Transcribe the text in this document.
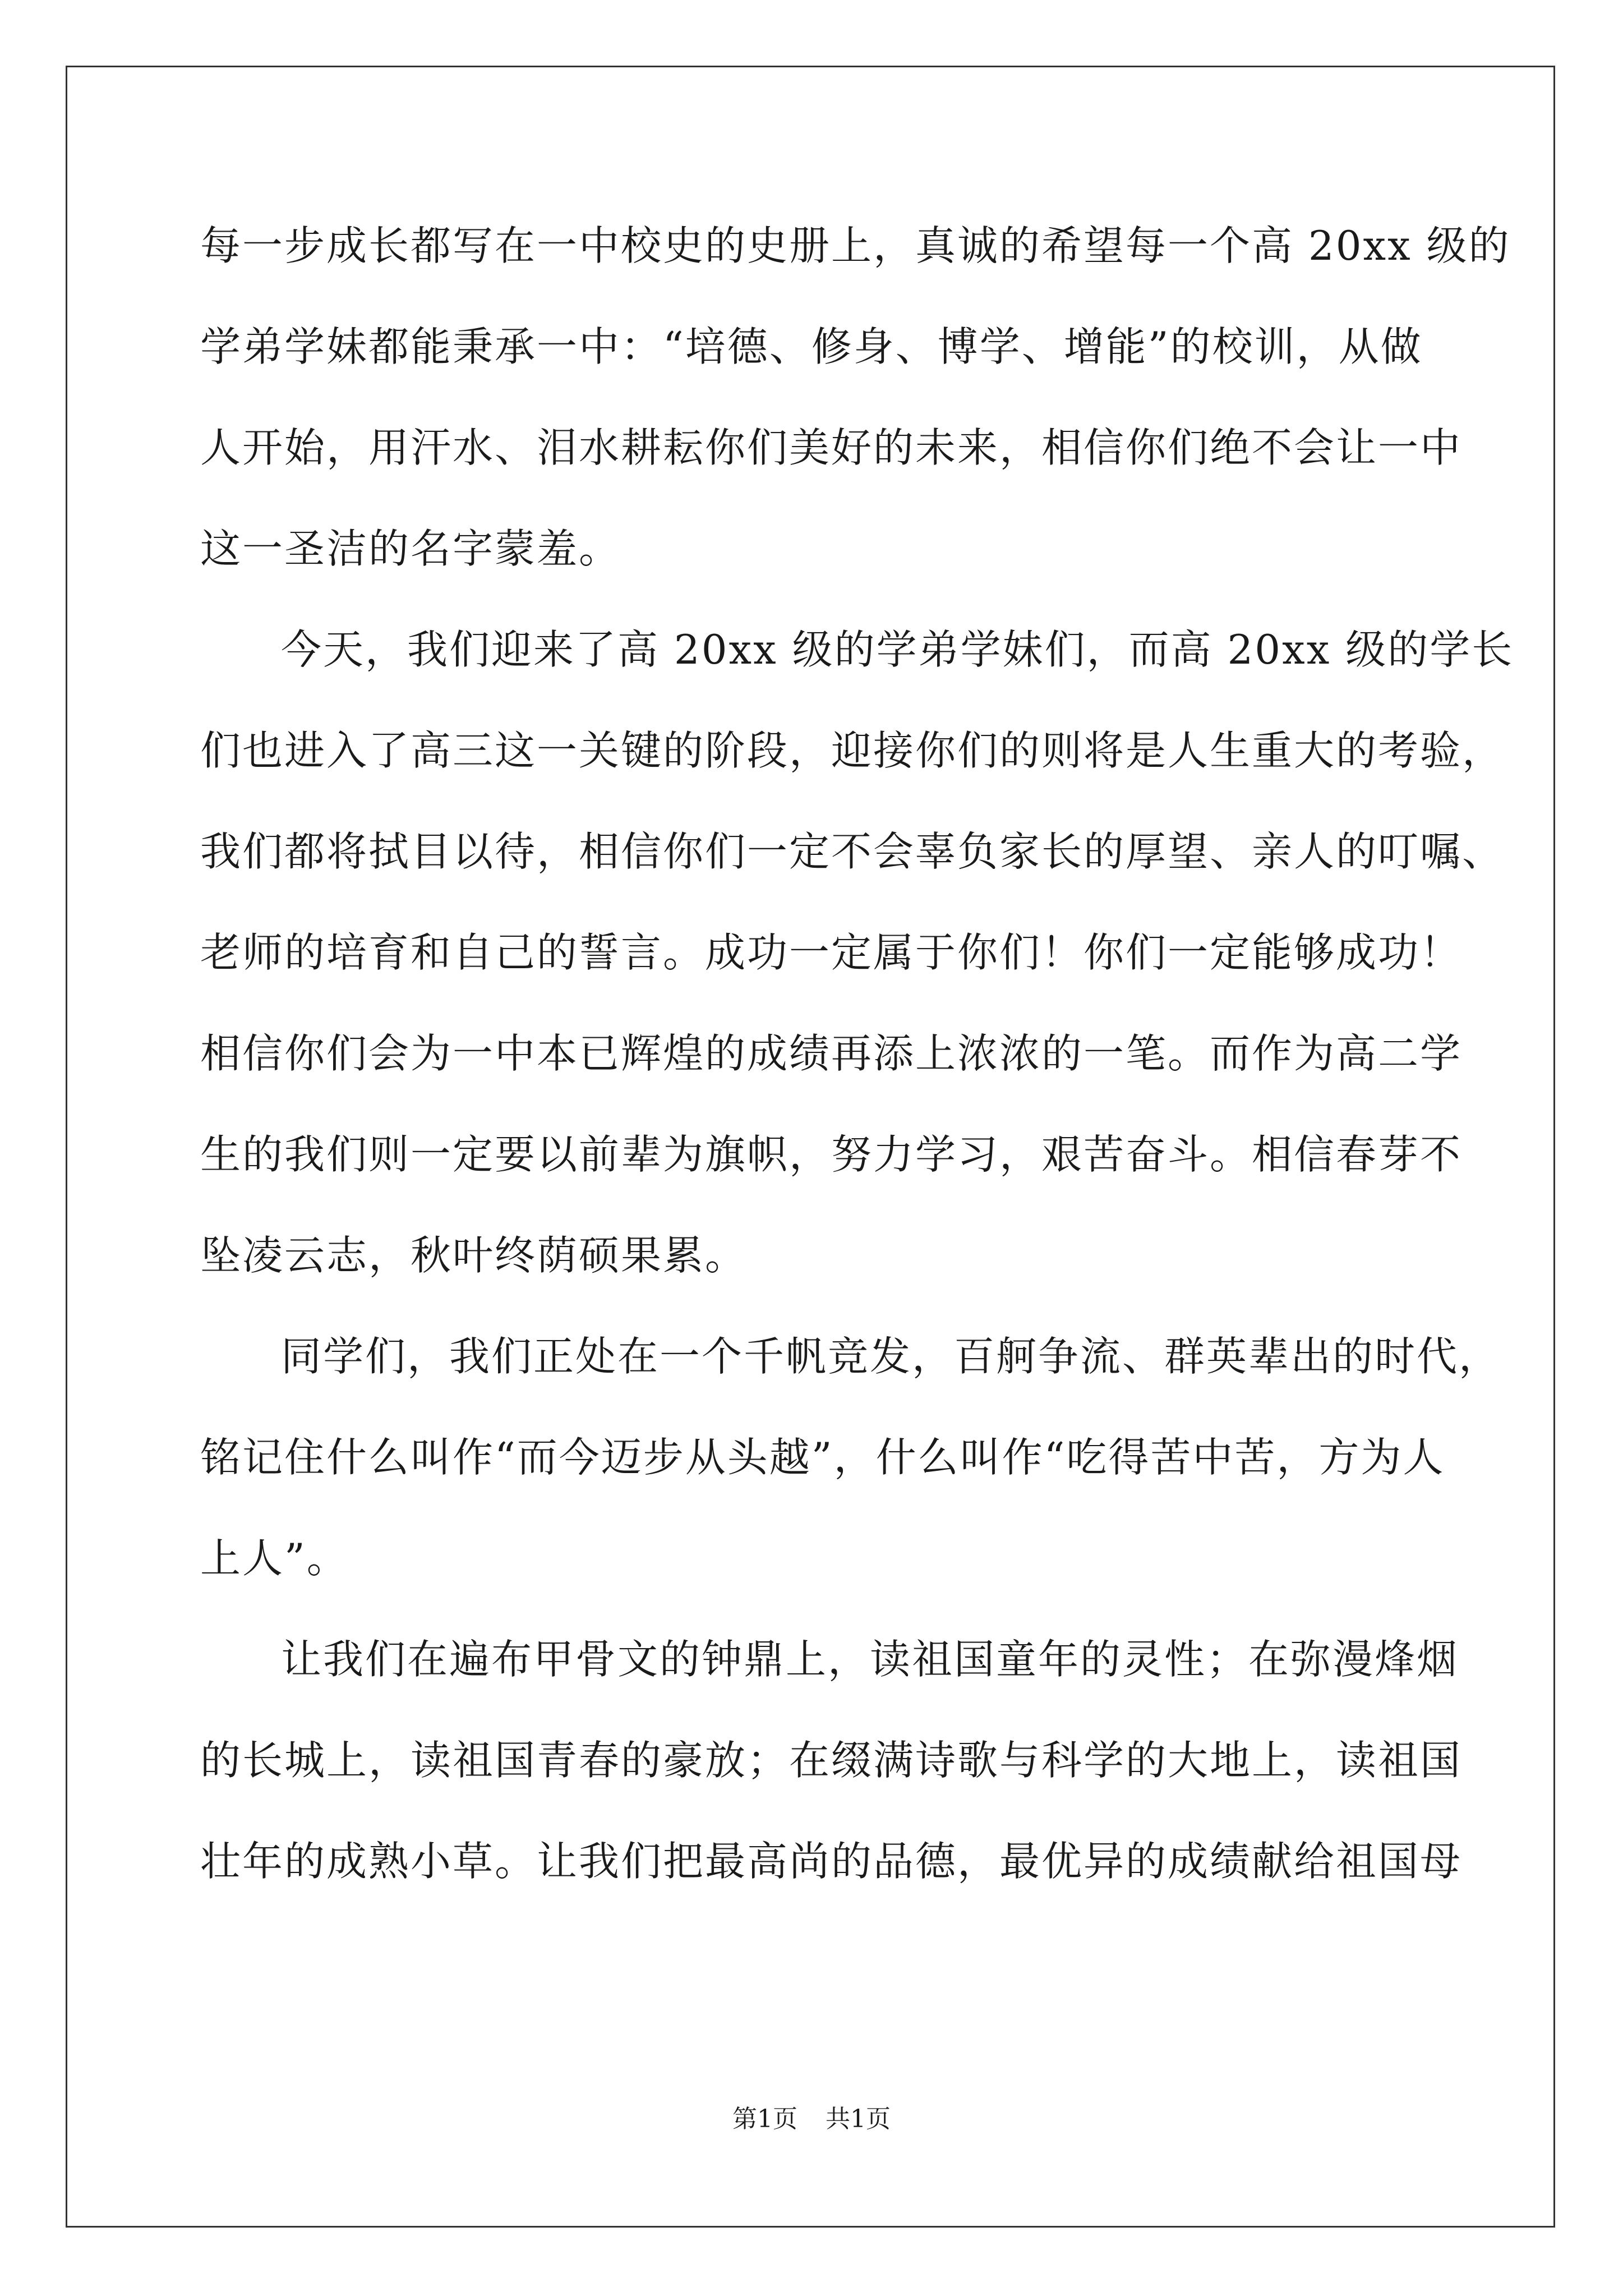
每一步成长都写在一中校史的史册上，真诚的希望每一个高 20xx 级的
学弟学妹都能秉承一中：“培德、修身、博学、增能”的校训，从做
人开始，用汗水、泪水耕耘你们美好的未来，相信你们绝不会让一中
这一圣洁的名字蒙羞。
今天，我们迎来了高 20xx 级的学弟学妹们，而高 20xx 级的学长
们也进入了高三这一关键的阶段，迎接你们的则将是人生重大的考验，
我们都将拭目以待，相信你们一定不会辜负家长的厚望、亲人的叮嘱、
老师的培育和自己的誓言。成功一定属于你们！你们一定能够成功！
相信你们会为一中本已辉煌的成绩再添上浓浓的一笔。而作为高二学
生的我们则一定要以前辈为旗帜，努力学习，艰苦奋斗。相信春芽不
坠凌云志，秋叶终荫硕果累。
同学们，我们正处在一个千帆竞发，百舸争流、群英辈出的时代，
铭记住什么叫作“而今迈步从头越”，什么叫作“吃得苦中苦，方为人
上人”。
让我们在遍布甲骨文的钟鼎上，读祖国童年的灵性；在弥漫烽烟
的长城上，读祖国青春的豪放；在缀满诗歌与科学的大地上，读祖国
壮年的成熟小草。让我们把最高尚的品德，最优异的成绩献给祖国母
第1页 共1页
